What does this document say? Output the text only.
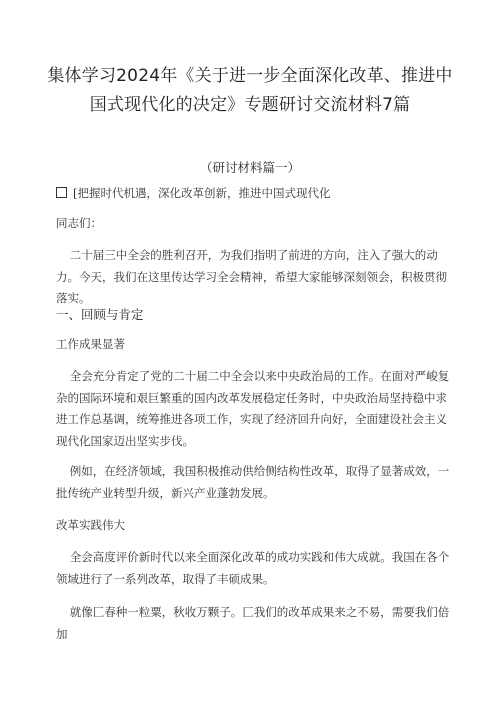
集体学习2024年《关于进一步全面深化改革、推进中
国式现代化的决定》专题研讨交流材料7篇
（研讨材料篇一）
[把握时代机遇，深化改革创新，推进中国式现代化
同志们：
二十届三中全会的胜利召开，为我们指明了前进的方向，注入了强大的动力。今天，我们在这里传达学习全会精神，希望大家能够深刻领会，积极贯彻落实。
一、回顾与肯定
工作成果显著
全会充分肯定了党的二十届二中全会以来中央政治局的工作。在面对严峻复杂的国际环境和艰巨繁重的国内改革发展稳定任务时，中央政治局坚持稳中求进工作总基调，统筹推进各项工作，实现了经济回升向好，全面建设社会主义现代化国家迈出坚实步伐。
例如，在经济领域，我国积极推动供给侧结构性改革，取得了显著成效，一批传统产业转型升级，新兴产业蓬勃发展。
改革实践伟大
全会高度评价新时代以来全面深化改革的成功实践和伟大成就。我国在各个领域进行了一系列改革，取得了丰硕成果。
就像匚春种一粒粟，秋收万颗子。匚我们的改革成果来之不易，需要我们倍加
